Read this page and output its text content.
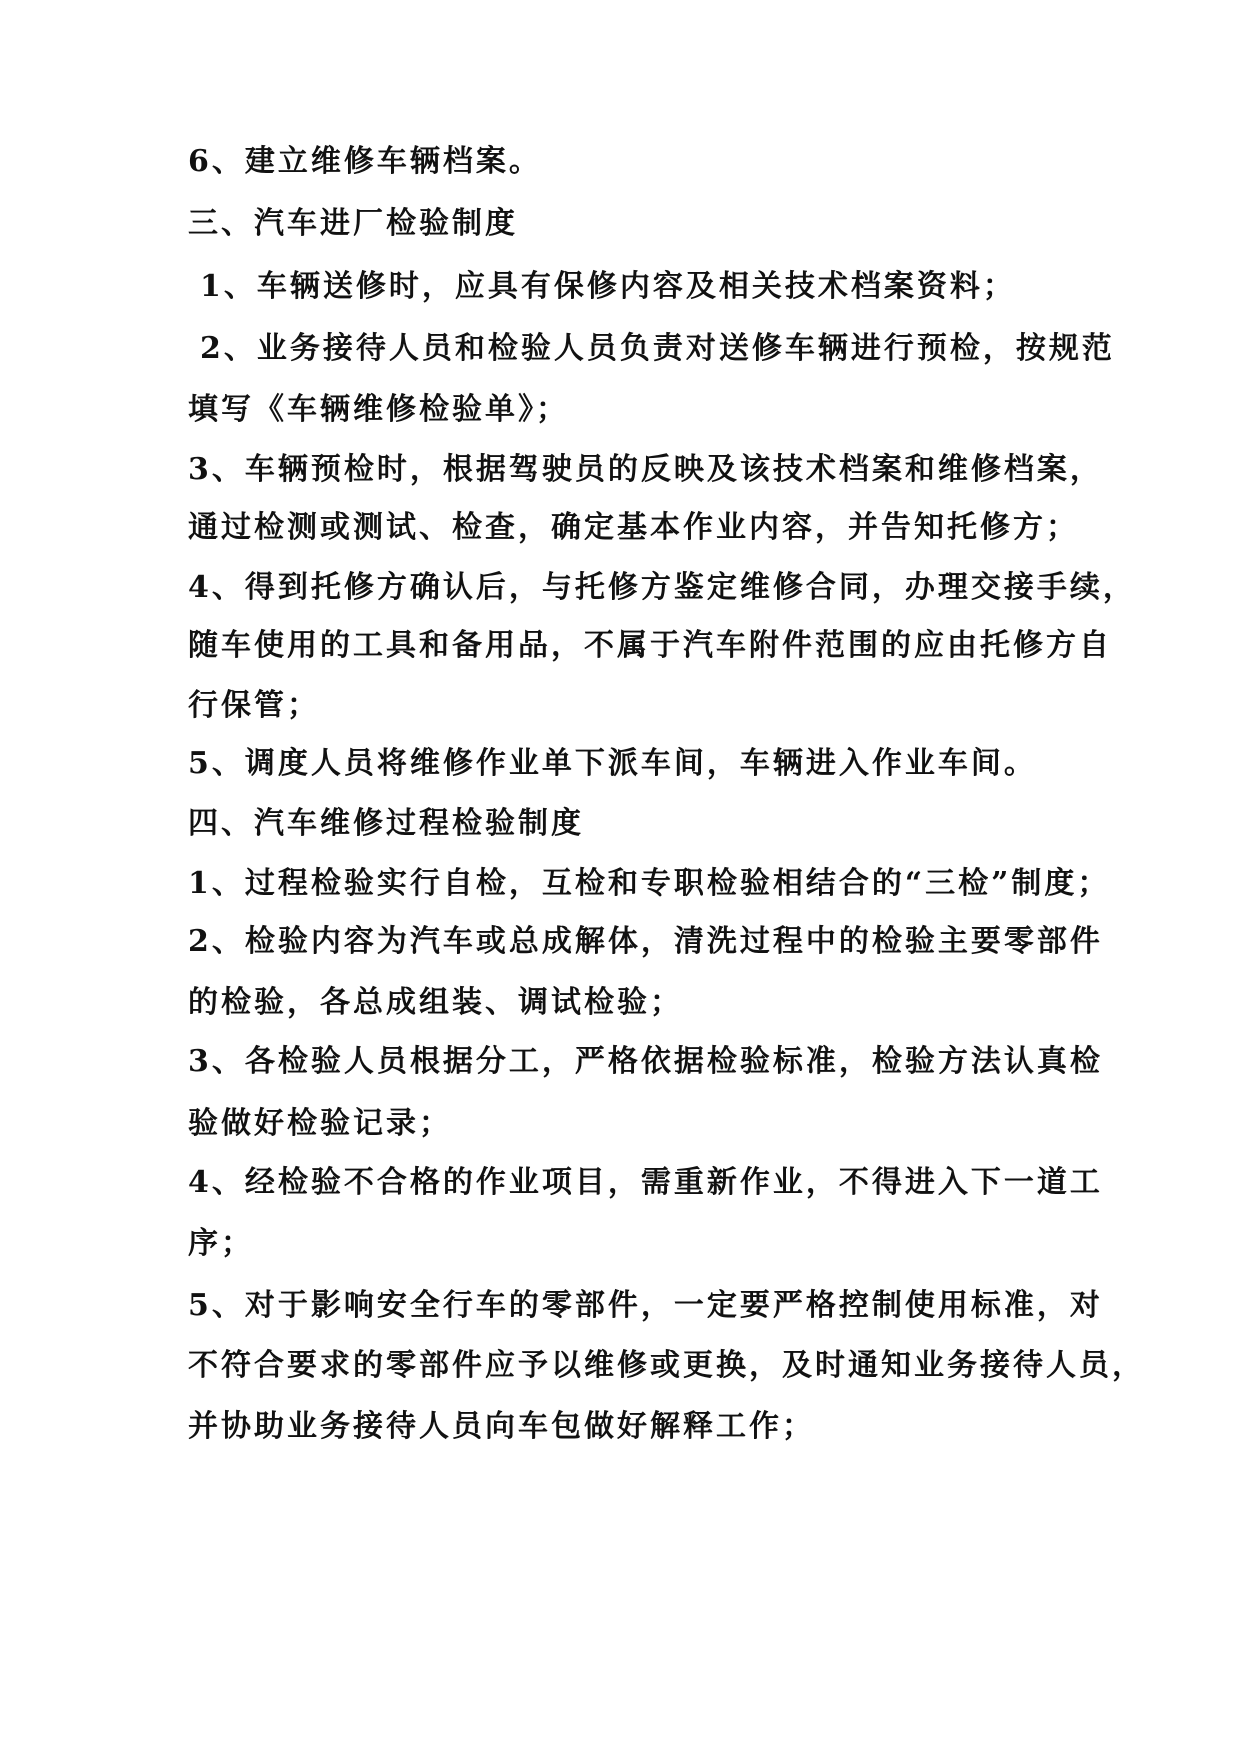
6、建立维修车辆档案。
三、汽车进厂检验制度
1、车辆送修时，应具有保修内容及相关技术档案资料；
2、业务接待人员和检验人员负责对送修车辆进行预检，按规范
填写《车辆维修检验单》；
3、车辆预检时，根据驾驶员的反映及该技术档案和维修档案，
通过检测或测试、检查，确定基本作业内容，并告知托修方；
4、得到托修方确认后，与托修方鉴定维修合同，办理交接手续，
随车使用的工具和备用品，不属于汽车附件范围的应由托修方自
行保管；
5、调度人员将维修作业单下派车间，车辆进入作业车间。
四、汽车维修过程检验制度
1、过程检验实行自检，互检和专职检验相结合的“三检”制度；
2、检验内容为汽车或总成解体，清洗过程中的检验主要零部件
的检验，各总成组装、调试检验；
3、各检验人员根据分工，严格依据检验标准，检验方法认真检
验做好检验记录；
4、经检验不合格的作业项目，需重新作业，不得进入下一道工
序；
5、对于影响安全行车的零部件，一定要严格控制使用标准，对
不符合要求的零部件应予以维修或更换，及时通知业务接待人员，
并协助业务接待人员向车包做好解释工作；
